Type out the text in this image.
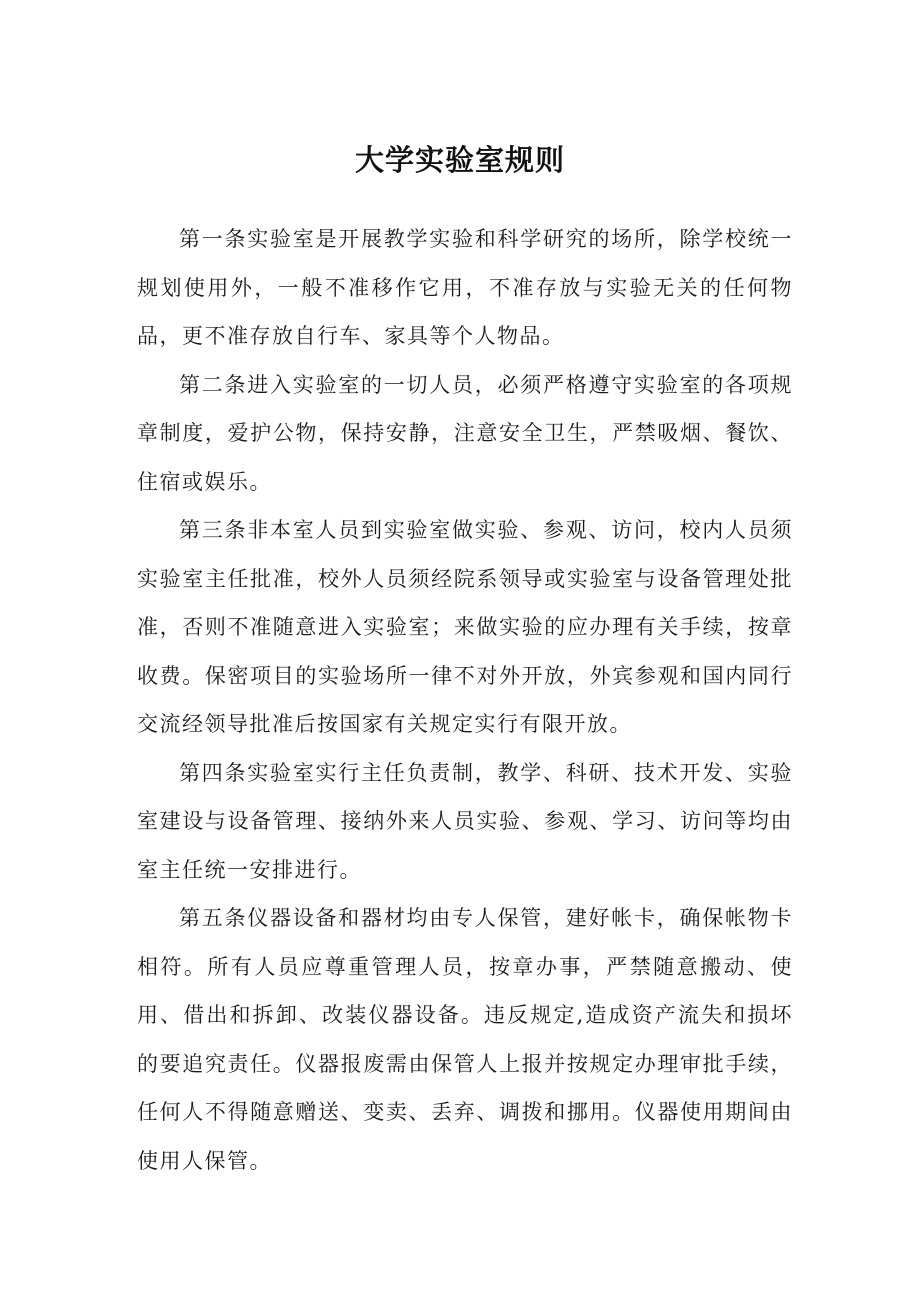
大学实验室规则

第一条实验室是开展教学实验和科学研究的场所，除学校统一规划使用外，一般不准移作它用，不准存放与实验无关的任何物品，更不准存放自行车、家具等个人物品。

第二条进入实验室的一切人员，必须严格遵守实验室的各项规章制度，爱护公物，保持安静，注意安全卫生，严禁吸烟、餐饮、住宿或娱乐。

第三条非本室人员到实验室做实验、参观、访问，校内人员须实验室主任批准，校外人员须经院系领导或实验室与设备管理处批准，否则不准随意进入实验室；来做实验的应办理有关手续，按章收费。保密项目的实验场所一律不对外开放，外宾参观和国内同行交流经领导批准后按国家有关规定实行有限开放。

第四条实验室实行主任负责制，教学、科研、技术开发、实验室建设与设备管理、接纳外来人员实验、参观、学习、访问等均由室主任统一安排进行。

第五条仪器设备和器材均由专人保管，建好帐卡，确保帐物卡相符。所有人员应尊重管理人员，按章办事，严禁随意搬动、使用、借出和拆卸、改装仪器设备。违反规定,造成资产流失和损坏的要追究责任。仪器报废需由保管人上报并按规定办理审批手续，任何人不得随意赠送、变卖、丢弃、调拨和挪用。仪器使用期间由使用人保管。
